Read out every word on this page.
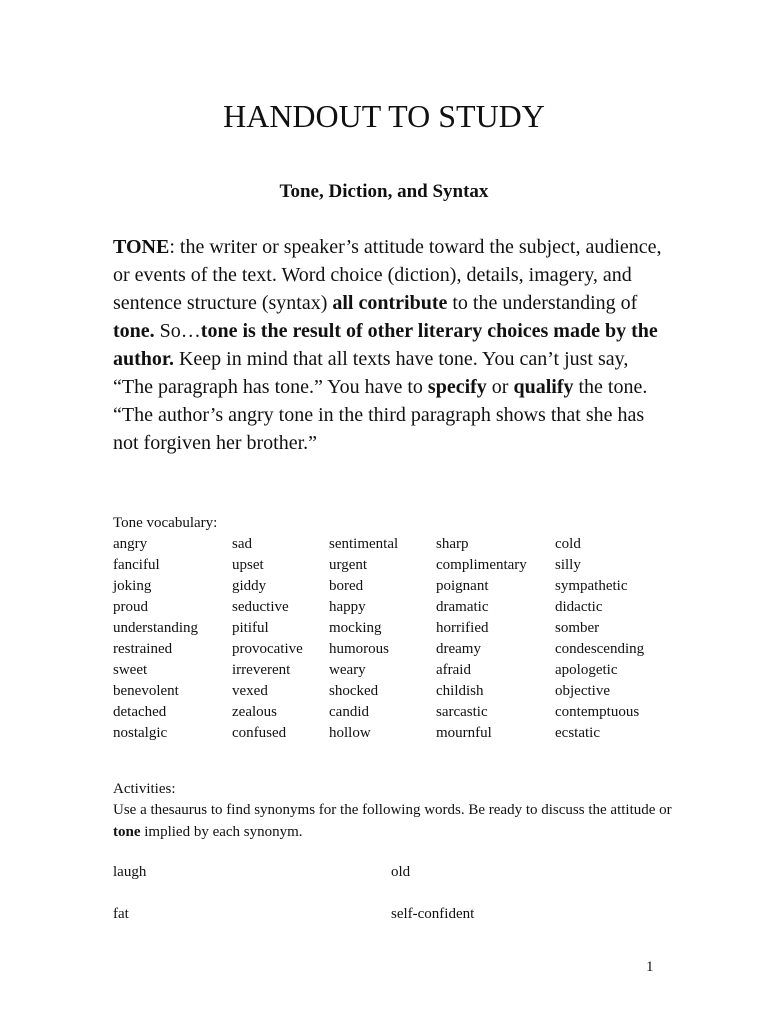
HANDOUT TO STUDY
Tone, Diction, and Syntax

TONE: the writer or speaker’s attitude toward the subject, audience, or events of the text. Word choice (diction), details, imagery, and sentence structure (syntax) all contribute to the understanding of tone. So…tone is the result of other literary choices made by the author. Keep in mind that all texts have tone. You can’t just say, “The paragraph has tone.” You have to specify or qualify the tone. “The author’s angry tone in the third paragraph shows that she has not forgiven her brother.”

Tone vocabulary:

angry	sad	sentimental	sharp	cold
fanciful	upset	urgent	complimentary	silly
joking	giddy	bored	poignant	sympathetic
proud	seductive	happy	dramatic	didactic
understanding	pitiful	mocking	horrified	somber
restrained	provocative	humorous	dreamy	condescending
sweet	irreverent	weary	afraid	apologetic
benevolent	vexed	shocked	childish	objective
detached	zealous	candid	sarcastic	contemptuous
nostalgic	confused	hollow	mournful	ecstatic

Activities:

Use a thesaurus to find synonyms for the following words. Be ready to discuss the attitude or tone implied by each synonym.

laugh	old
fat	self-confident
1
